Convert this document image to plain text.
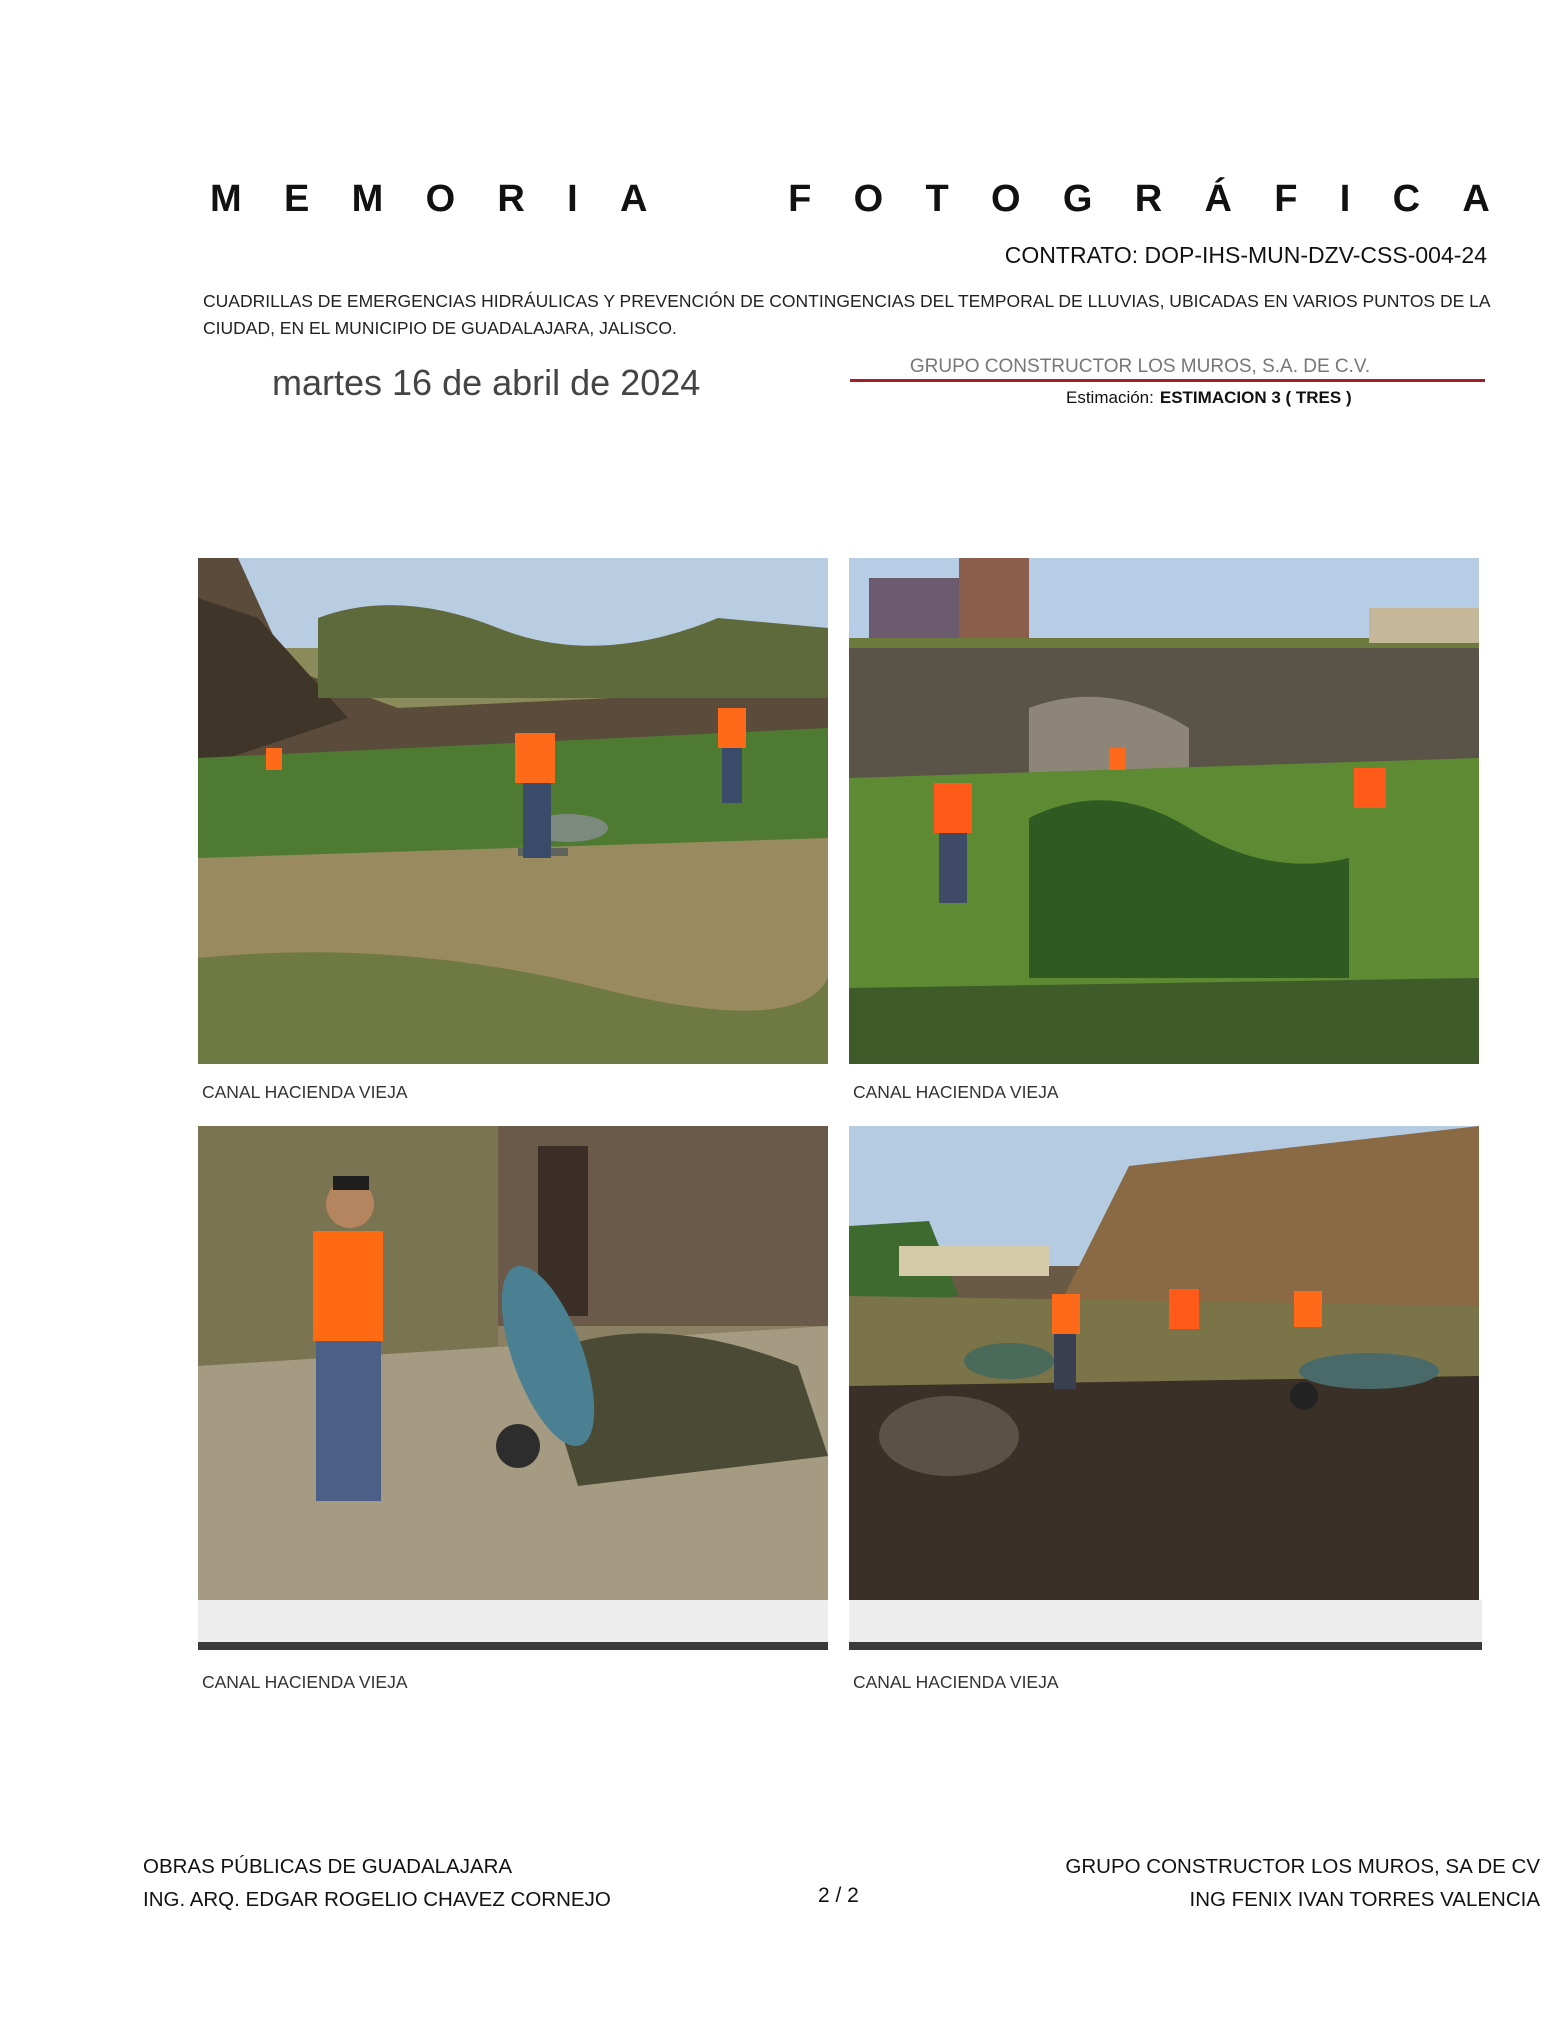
M E M O R I A	F O T O G R Á F I C A
CONTRATO: DOP-IHS-MUN-DZV-CSS-004-24
CUADRILLAS DE EMERGENCIAS HIDRÁULICAS Y PREVENCIÓN DE CONTINGENCIAS DEL TEMPORAL DE LLUVIAS, UBICADAS EN VARIOS PUNTOS DE LA CIUDAD, EN EL MUNICIPIO DE GUADALAJARA, JALISCO.
martes 16 de abril de 2024	GRUPO CONSTRUCTOR LOS MUROS, S.A. DE C.V.
Estimación: ESTIMACION 3 ( TRES )
CANAL HACIENDA VIEJA	CANAL HACIENDA VIEJA
CANAL HACIENDA VIEJA	CANAL HACIENDA VIEJA
OBRAS PÚBLICAS DE GUADALAJARA
ING. ARQ. EDGAR ROGELIO CHAVEZ CORNEJO	2 / 2
GRUPO CONSTRUCTOR LOS MUROS, SA DE CV
ING FENIX IVAN TORRES VALENCIA
